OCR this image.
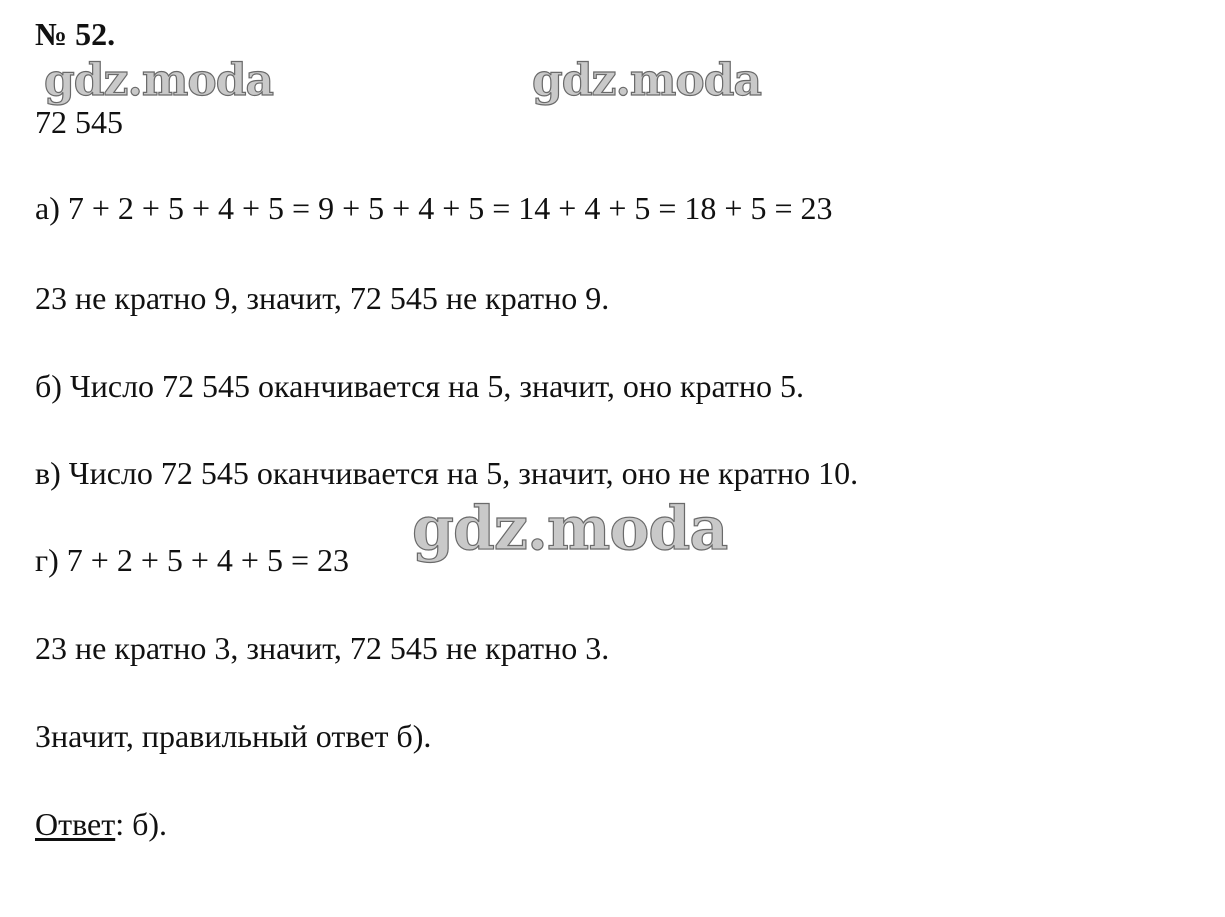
№ 52.
gdz.moda	gdz.moda
72 545
а) 7 + 2 + 5 + 4 + 5 = 9 + 5 + 4 + 5 = 14 + 4 + 5 = 18 + 5 = 23
23 не кратно 9, значит, 72 545 не кратно 9.
б) Число 72 545 оканчивается на 5, значит, оно кратно 5.
в) Число 72 545 оканчивается на 5, значит, оно не кратно 10.
gdz.moda
г) 7 + 2 + 5 + 4 + 5 = 23
23 не кратно 3, значит, 72 545 не кратно 3.
Значит, правильный ответ б).
Ответ: б).
